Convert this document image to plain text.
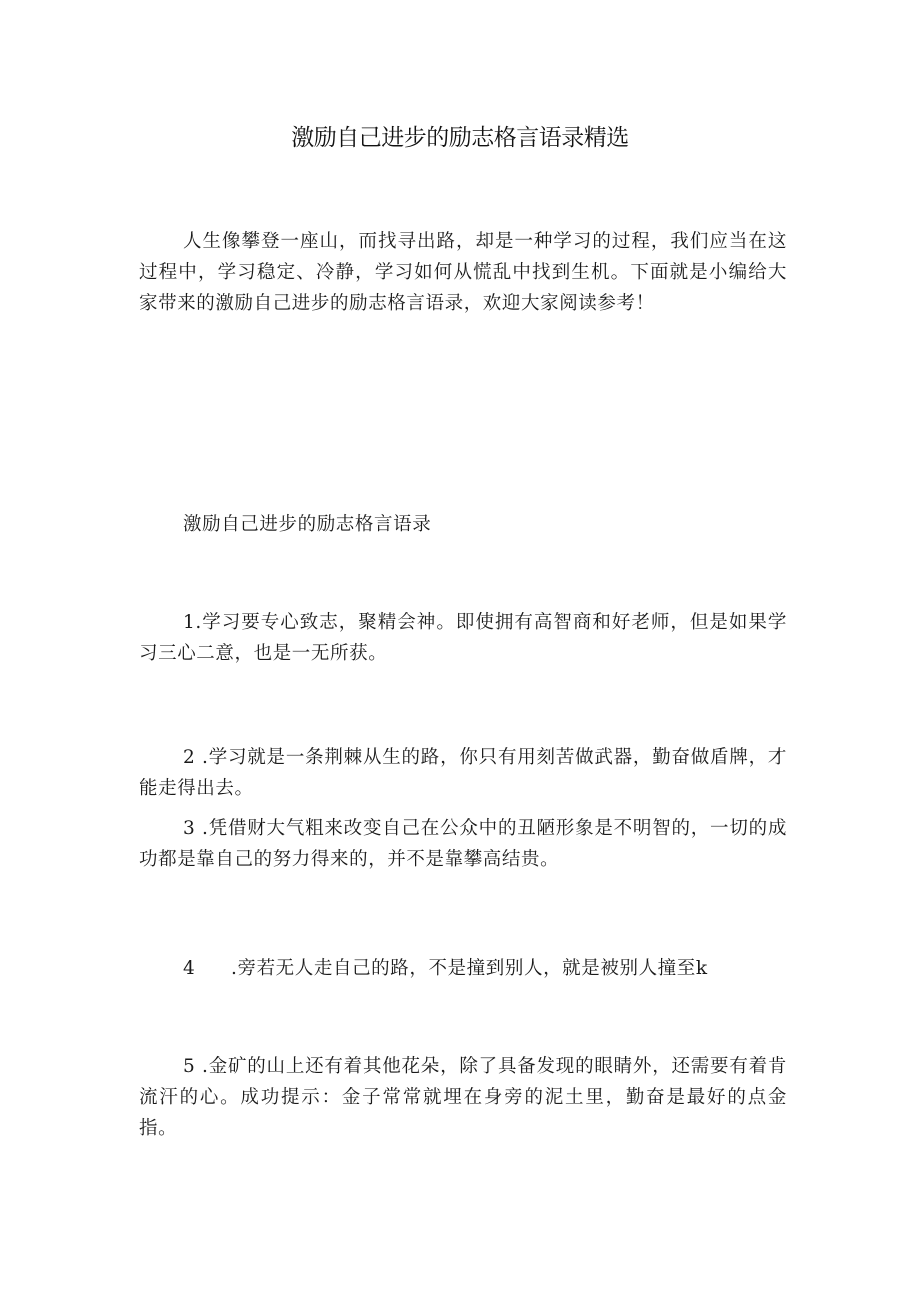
激励自己进步的励志格言语录精选

人生像攀登一座山，而找寻出路，却是一种学习的过程，我们应当在这过程中，学习稳定、冷静，学习如何从慌乱中找到生机。下面就是小编给大家带来的激励自己进步的励志格言语录，欢迎大家阅读参考！

激励自己进步的励志格言语录
1.学习要专心致志，聚精会神。即使拥有高智商和好老师，但是如果学习三心二意，也是一无所获。
2 .学习就是一条荆棘从生的路，你只有用刻苦做武器，勤奋做盾牌，才能走得出去。
3 .凭借财大气粗来改变自己在公众中的丑陋形象是不明智的，一切的成功都是靠自己的努力得来的，并不是靠攀高结贵。
4 .旁若无人走自己的路，不是撞到别人，就是被别人撞至k
5 .金矿的山上还有着其他花朵，除了具备发现的眼睛外，还需要有着肯流汗的心。成功提示：金子常常就埋在身旁的泥土里，勤奋是最好的点金指。
